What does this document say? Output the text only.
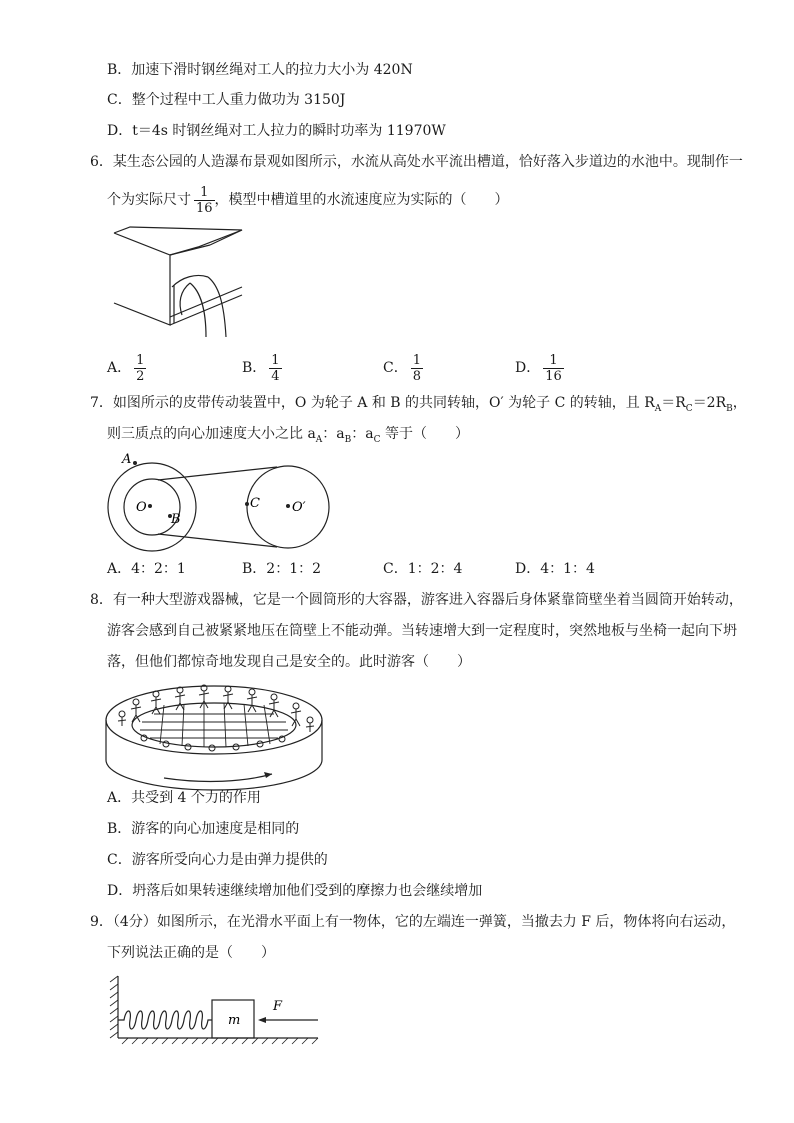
B．加速下滑时钢丝绳对工人的拉力大小为 420N
C．整个过程中工人重力做功为 3150J
D．t＝4s 时钢丝绳对工人拉力的瞬时功率为 11970W
6．某生态公园的人造瀑布景观如图所示，水流从高处水平流出槽道，恰好落入步道边的水池中。现制作一
个为实际尺寸 $\frac{1}{16}$ ，模型中槽道里的水流速度应为实际的（　　）
A． $\frac{1}{2}$	B． $\frac{1}{4}$	C． $\frac{1}{8}$	D． $\frac{1}{16}$
7．如图所示的皮带传动装置中，O 为轮子 A 和 B 的共同转轴，O′ 为轮子 C 的转轴，且 $R_A=R_C=2R_B$，
则三质点的向心加速度大小之比 $a_A$：$a_B$：$a_C$ 等于（　　）
A
O
B
C O′
A．4：2：1	B．2：1：2	C．1：2：4	D．4：1：4
8．有一种大型游戏器械，它是一个圆筒形的大容器，游客进入容器后身体紧靠筒壁坐着当圆筒开始转动，
游客会感到自己被紧紧地压在筒壁上不能动弹。当转速增大到一定程度时，突然地板与坐椅一起向下坍
落，但他们都惊奇地发现自己是安全的。此时游客（　　）
A．共受到 4 个力的作用
B．游客的向心加速度是相同的
C．游客所受向心力是由弹力提供的
D．坍落后如果转速继续增加他们受到的摩擦力也会继续增加
9．（4分）如图所示，在光滑水平面上有一物体，它的左端连一弹簧，当撤去力 F 后，物体将向右运动，
下列说法正确的是（　　）
m
F
